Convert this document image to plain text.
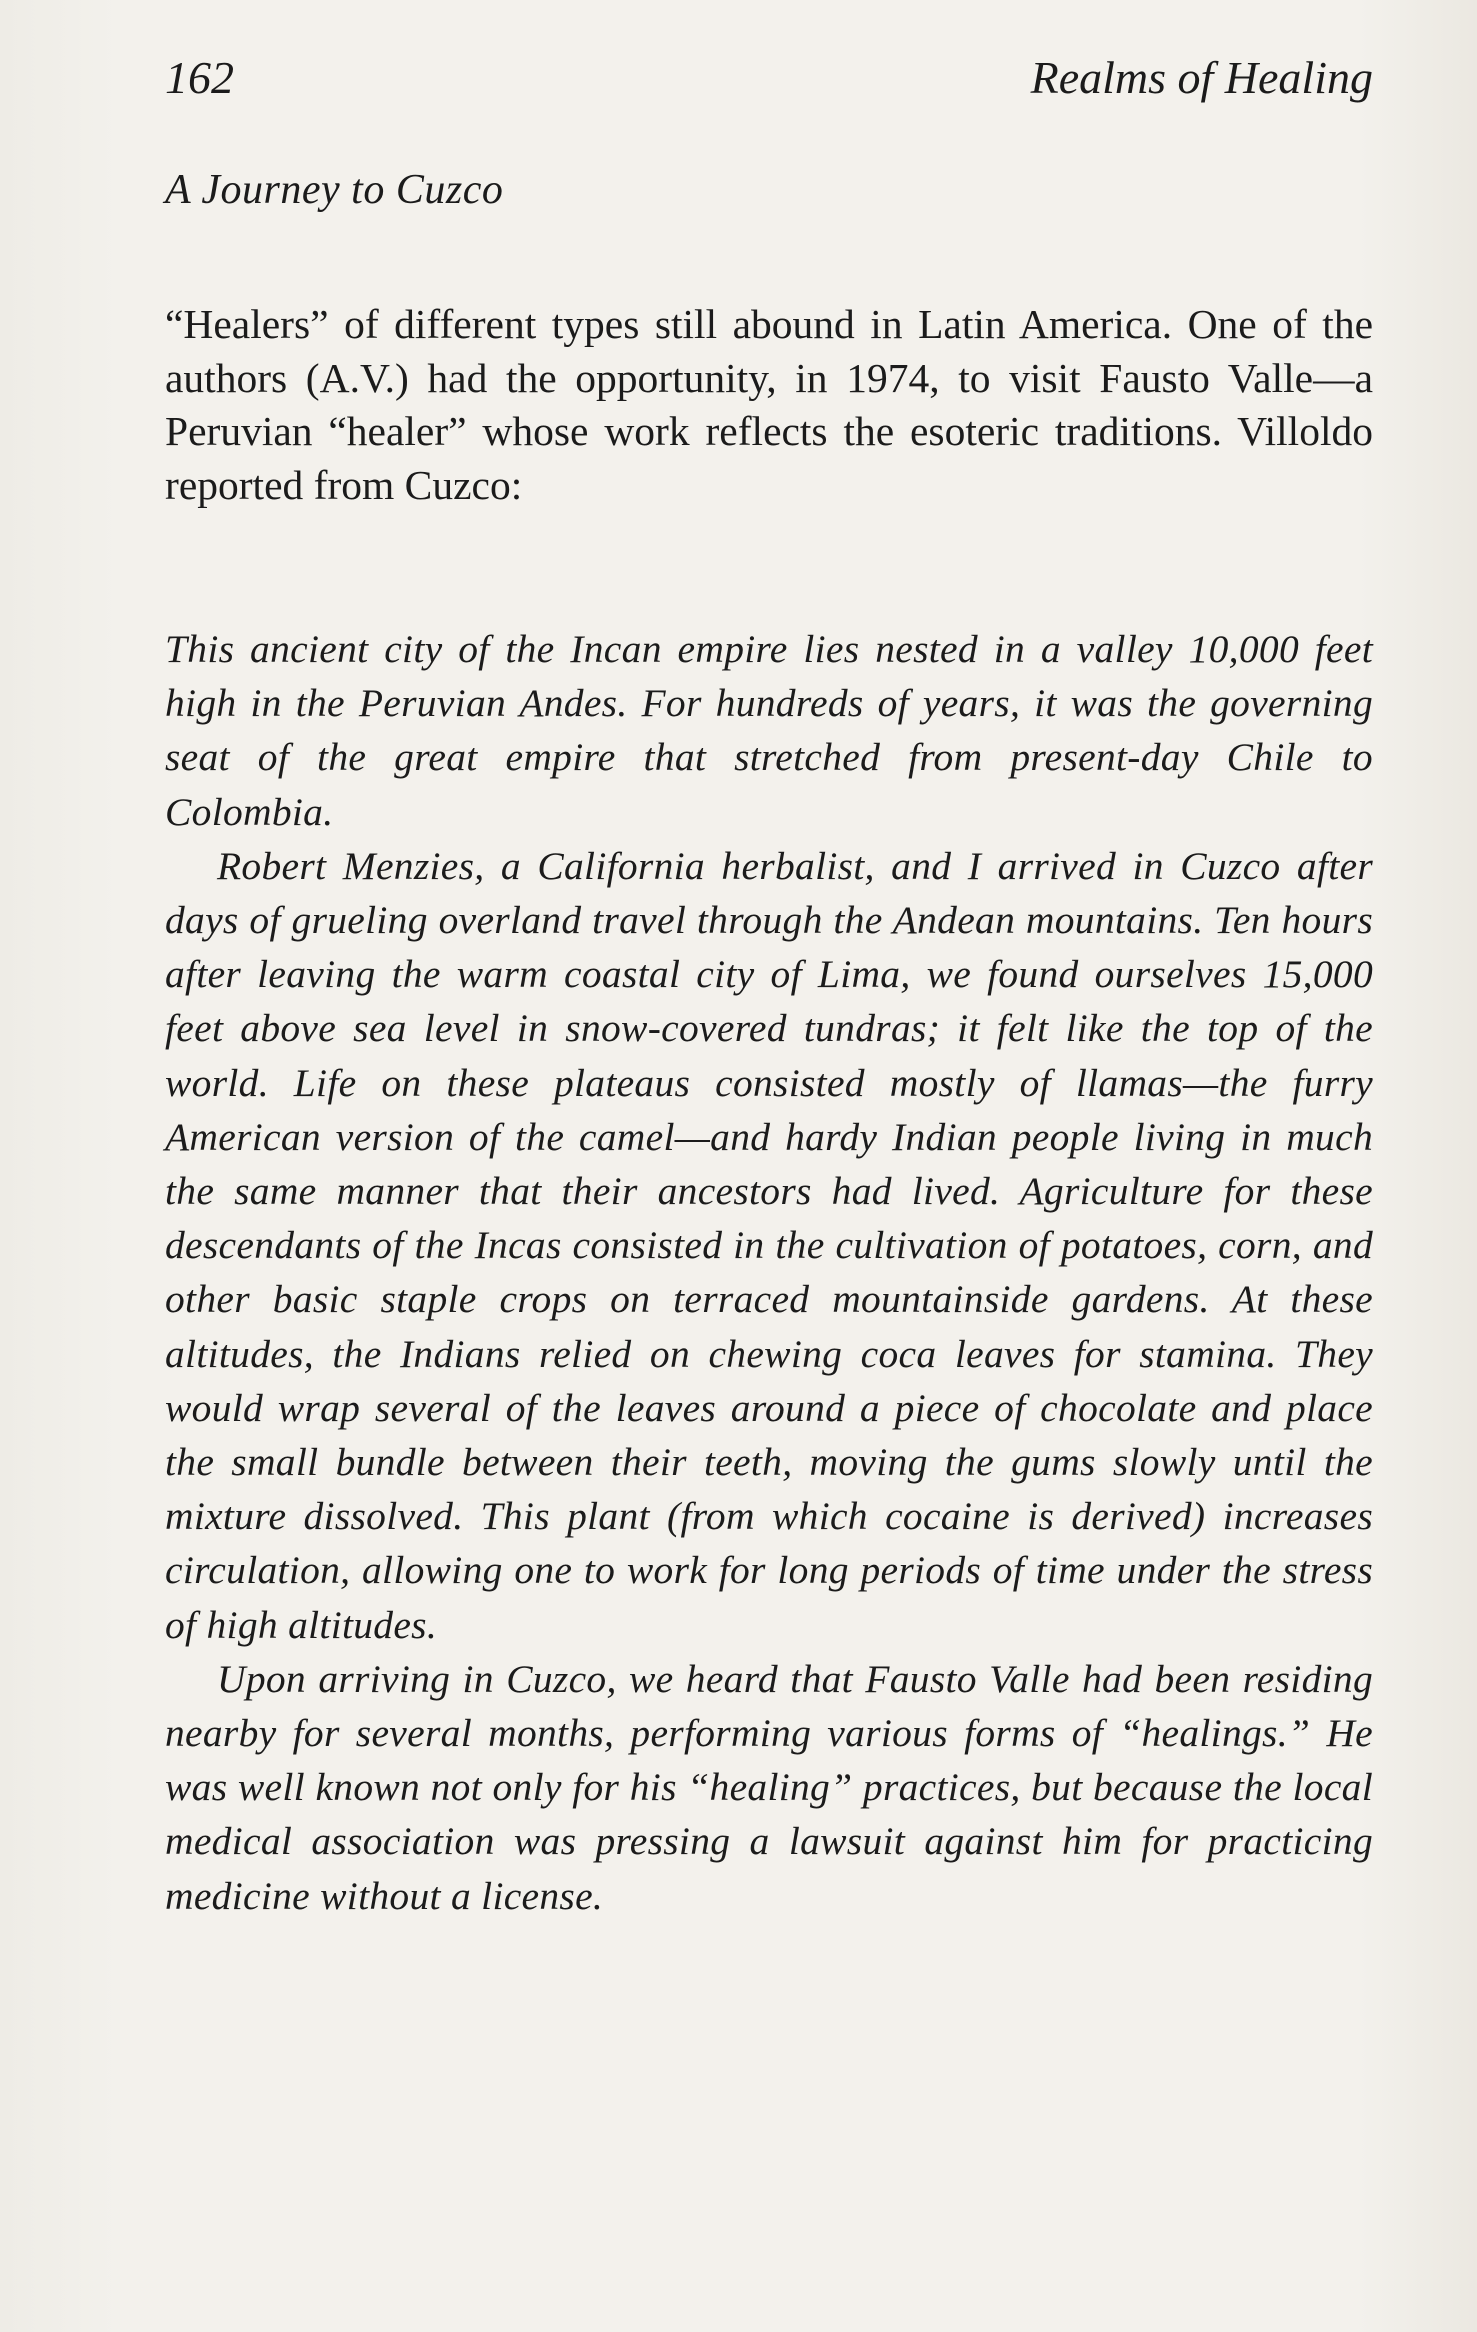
162	Realms of Healing
A Journey to Cuzco

“Healers” of different types still abound in Latin America. One of the authors (A.V.) had the opportunity, in 1974, to visit Fausto Valle—a Peruvian “healer” whose work reflects the esoteric traditions. Villoldo reported from Cuzco:

This ancient city of the Incan empire lies nested in a valley 10,000 feet high in the Peruvian Andes. For hundreds of years, it was the governing seat of the great empire that stretched from present-day Chile to Colombia.

Robert Menzies, a California herbalist, and I arrived in Cuzco after days of grueling overland travel through the Andean mountains. Ten hours after leaving the warm coastal city of Lima, we found ourselves 15,000 feet above sea level in snow-covered tundras; it felt like the top of the world. Life on these plateaus consisted mostly of llamas—the furry American version of the camel—and hardy Indian people living in much the same manner that their ancestors had lived. Agriculture for these descendants of the Incas consisted in the cultivation of potatoes, corn, and other basic staple crops on terraced mountainside gardens. At these altitudes, the Indians relied on chewing coca leaves for stamina. They would wrap several of the leaves around a piece of chocolate and place the small bundle between their teeth, moving the gums slowly until the mixture dissolved. This plant (from which cocaine is derived) increases circulation, allowing one to work for long periods of time under the stress of high altitudes.

Upon arriving in Cuzco, we heard that Fausto Valle had been residing nearby for several months, performing various forms of “healings.” He was well known not only for his “healing” practices, but because the local medical association was pressing a lawsuit against him for practicing medicine without a license.
